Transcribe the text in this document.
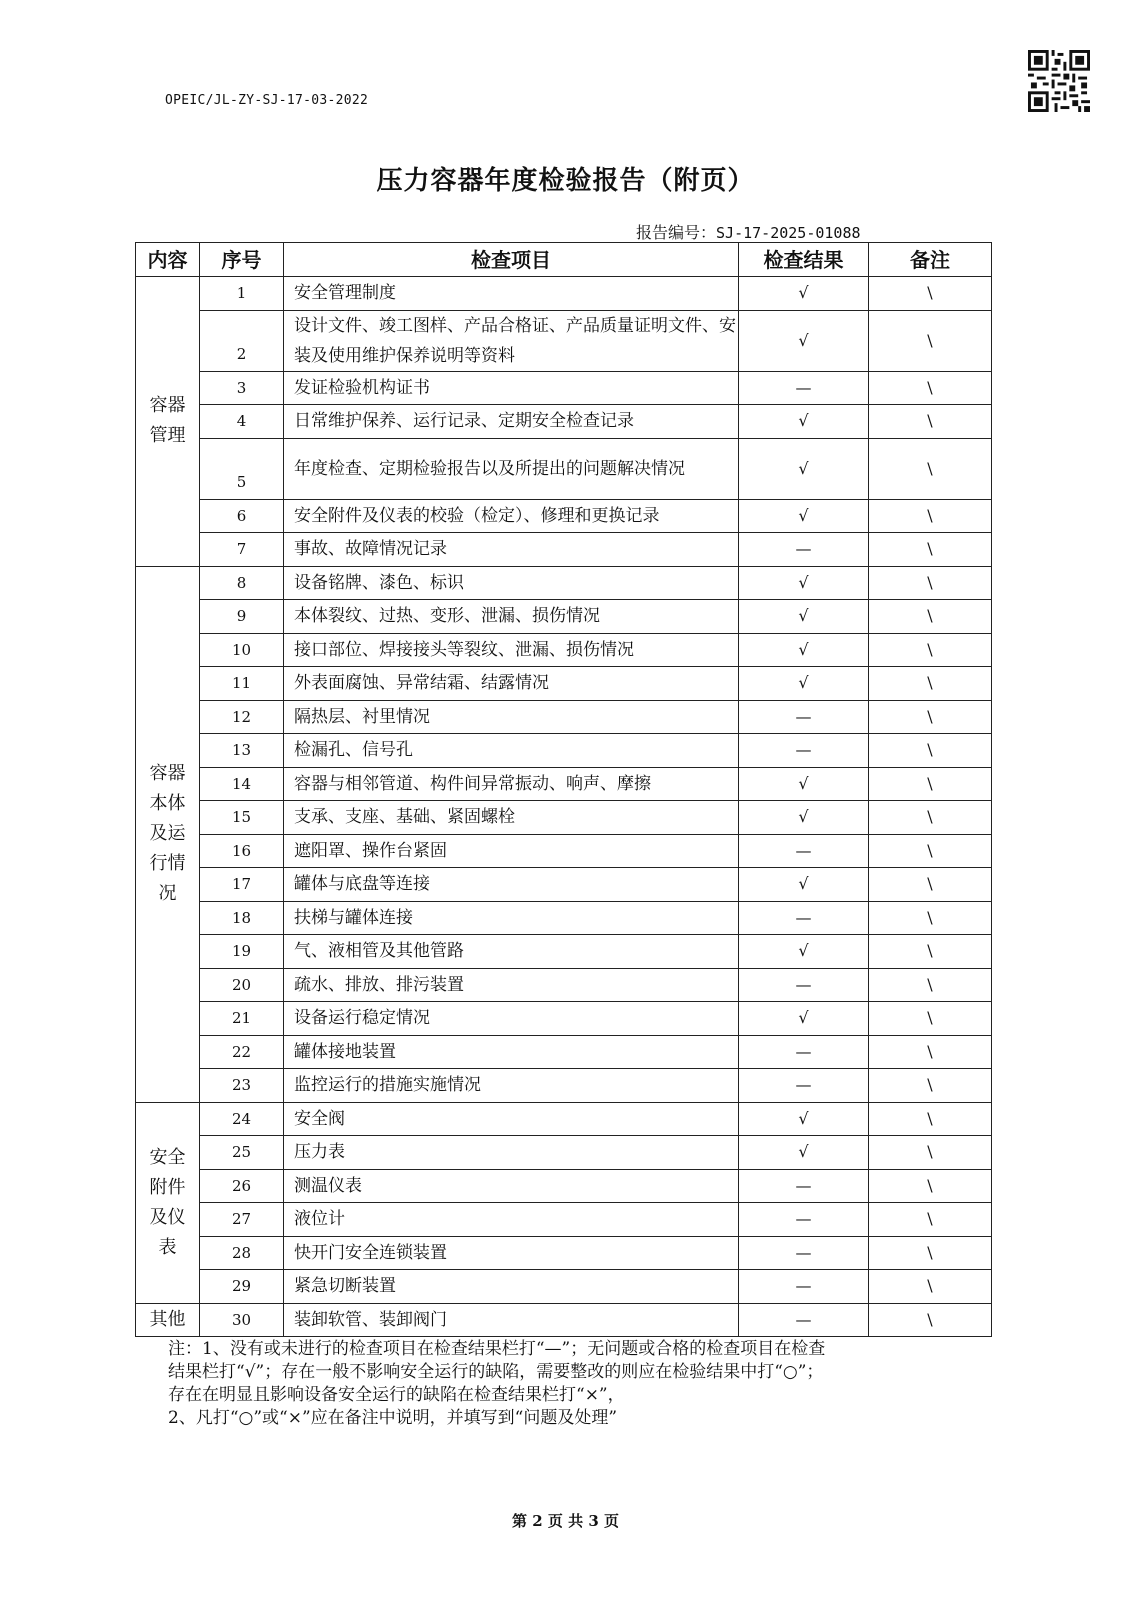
OPEIC/JL-ZY-SJ-17-03-2022
压力容器年度检验报告（附页）
报告编号：SJ-17-2025-01088
内容	序号	检查项目	检查结果	备注
容器管理	1	安全管理制度	√	\
	2	设计文件、竣工图样、产品合格证、产品质量证明文件、安装及使用维护保养说明等资料	√	\
	3	发证检验机构证书	—	\
	4	日常维护保养、运行记录、定期安全检查记录	√	\
	5	年度检查、定期检验报告以及所提出的问题解决情况	√	\
	6	安全附件及仪表的校验（检定）、修理和更换记录	√	\
	7	事故、故障情况记录	—	\
容器本体及运行情况	8	设备铭牌、漆色、标识	√	\
	9	本体裂纹、过热、变形、泄漏、损伤情况	√	\
	10	接口部位、焊接接头等裂纹、泄漏、损伤情况	√	\
	11	外表面腐蚀、异常结霜、结露情况	√	\
	12	隔热层、衬里情况	—	\
	13	检漏孔、信号孔	—	\
	14	容器与相邻管道、构件间异常振动、响声、摩擦	√	\
	15	支承、支座、基础、紧固螺栓	√	\
	16	遮阳罩、操作台紧固	—	\
	17	罐体与底盘等连接	√	\
	18	扶梯与罐体连接	—	\
	19	气、液相管及其他管路	√	\
	20	疏水、排放、排污装置	—	\
	21	设备运行稳定情况	√	\
	22	罐体接地装置	—	\
	23	监控运行的措施实施情况	—	\
安全附件及仪表	24	安全阀	√	\
	25	压力表	√	\
	26	测温仪表	—	\
	27	液位计	—	\
	28	快开门安全连锁装置	—	\
	29	紧急切断装置	—	\
其他	30	装卸软管、装卸阀门	—	\
注：1、没有或未进行的检查项目在检查结果栏打“—”；无问题或合格的检查项目在检查
结果栏打“√”；存在一般不影响安全运行的缺陷，需要整改的则应在检验结果中打“○”；
存在在明显且影响设备安全运行的缺陷在检查结果栏打“×”，
2、凡打“○”或“×”应在备注中说明，并填写到“问题及处理”
第 2 页 共 3 页
